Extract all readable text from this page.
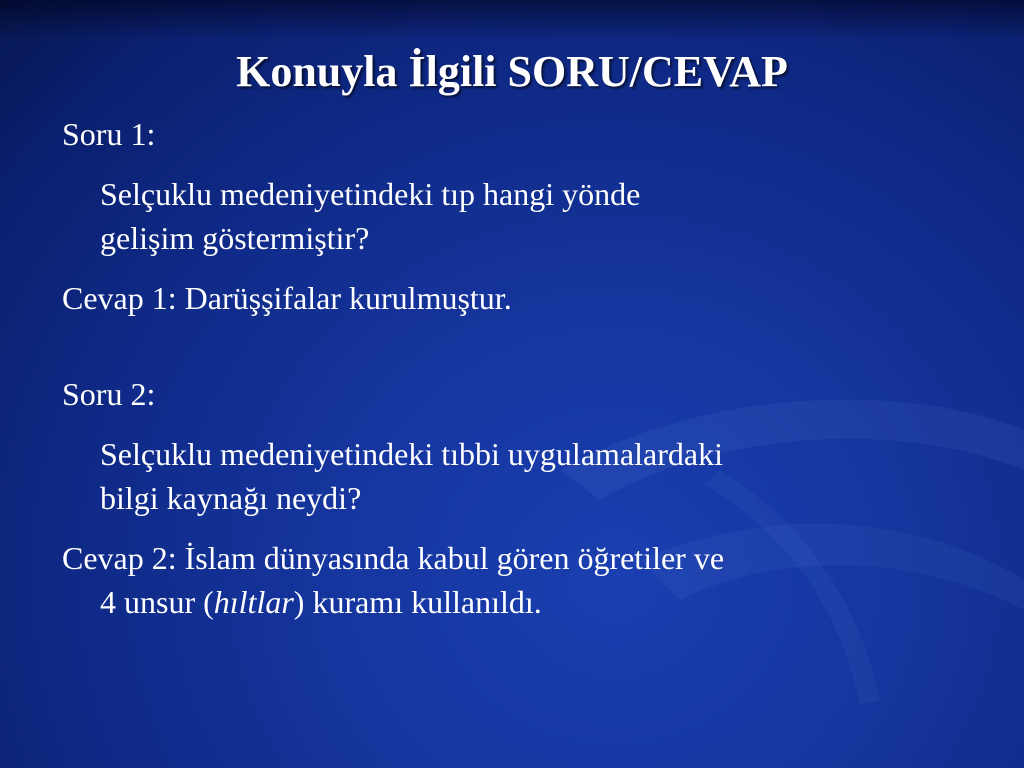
Konuyla İlgili SORU/CEVAP

Soru 1:

Selçuklu medeniyetindeki tıp hangi yönde

gelişim göstermiştir?

Cevap 1: Darüşşifalar kurulmuştur.

Soru 2:

Selçuklu medeniyetindeki tıbbi uygulamalardaki

bilgi kaynağı neydi?

Cevap 2: İslam dünyasında kabul gören öğretiler ve

4 unsur (hıltlar) kuramı kullanıldı.
